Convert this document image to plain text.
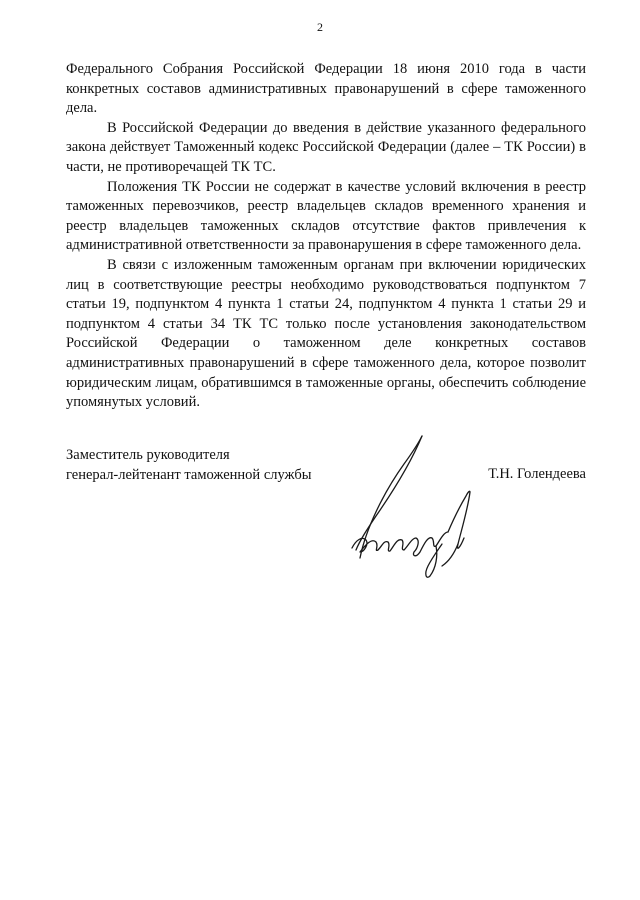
2

Федерального Собрания Российской Федерации 18 июня 2010 года в части конкретных составов административных правонарушений в сфере таможенного дела.

В Российской Федерации до введения в действие указанного федерального закона действует Таможенный кодекс Российской Федерации (далее – ТК России) в части, не противоречащей ТК ТС.

Положения ТК России не содержат в качестве условий включения в реестр таможенных перевозчиков, реестр владельцев складов временного хранения и реестр владельцев таможенных складов отсутствие фактов привлечения к административной ответственности за правонарушения в сфере таможенного дела.

В связи с изложенным таможенным органам при включении юридических лиц в соответствующие реестры необходимо руководствоваться подпунктом 7 статьи 19, подпунктом 4 пункта 1 статьи 24, подпунктом 4 пункта 1 статьи 29 и подпунктом 4 статьи 34 ТК ТС только после установления законодательством Российской Федерации о таможенном деле конкретных составов административных правонарушений в сфере таможенного дела, которое позволит юридическим лицам, обратившимся в таможенные органы, обеспечить соблюдение упомянутых условий.

Заместитель руководителя
генерал-лейтенант таможенной службы	Т.Н. Голендеева
